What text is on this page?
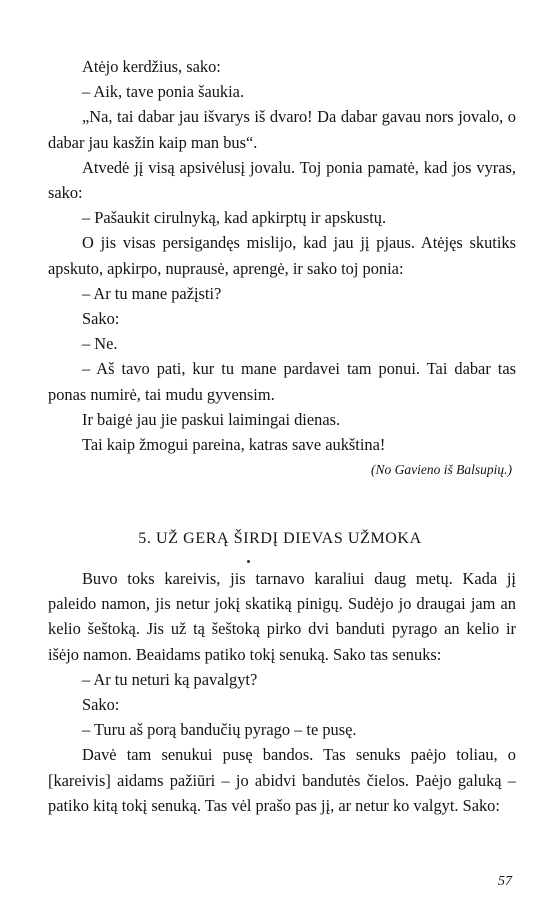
Atėjo kerdžius, sako:

– Aik, tave ponia šaukia.

„Na, tai dabar jau išvarys iš dvaro! Da dabar gavau nors jovalo, o dabar jau kasžin kaip man bus“.

Atvedė jį visą apsivėlusį jovalu. Toj ponia pamatė, kad jos vyras, sako:

– Pašaukit cirulnyką, kad apkirptų ir apskustų.

O jis visas persigandęs mislijo, kad jau jį pjaus. Atėjęs skutiks apskuto, apkirpo, nuprausė, aprengė, ir sako toj ponia:

– Ar tu mane pažįsti?

Sako:

– Ne.

– Aš tavo pati, kur tu mane pardavei tam ponui. Tai dabar tas ponas numirė, tai mudu gyvensim.

Ir baigė jau jie paskui laimingai dienas.

Tai kaip žmogui pareina, katras save aukština!

(No Gavieno iš Balsupių.)
5. UŽ GERĄ ŠIRDĮ DIEVAS UŽMOKA

Buvo toks kareivis, jis tarnavo karaliui daug metų. Kada jį paleido namon, jis netur jokį skatiką pinigų. Sudėjo jo draugai jam an kelio šeštoką. Jis už tą šeštoką pirko dvi banduti pyrago an kelio ir išėjo namon. Beaidams patiko tokį senuką. Sako tas senuks:

– Ar tu neturi ką pavalgyt?

Sako:

– Turu aš porą bandučių pyrago – te pusę.

Davė tam senukui pusę bandos. Tas senuks paėjo toliau, o [kareivis] aidams pažiūri – jo abidvi bandutės čielos. Paėjo galuką – patiko kitą tokį senuką. Tas vėl prašo pas jį, ar netur ko valgyt. Sako:

57
